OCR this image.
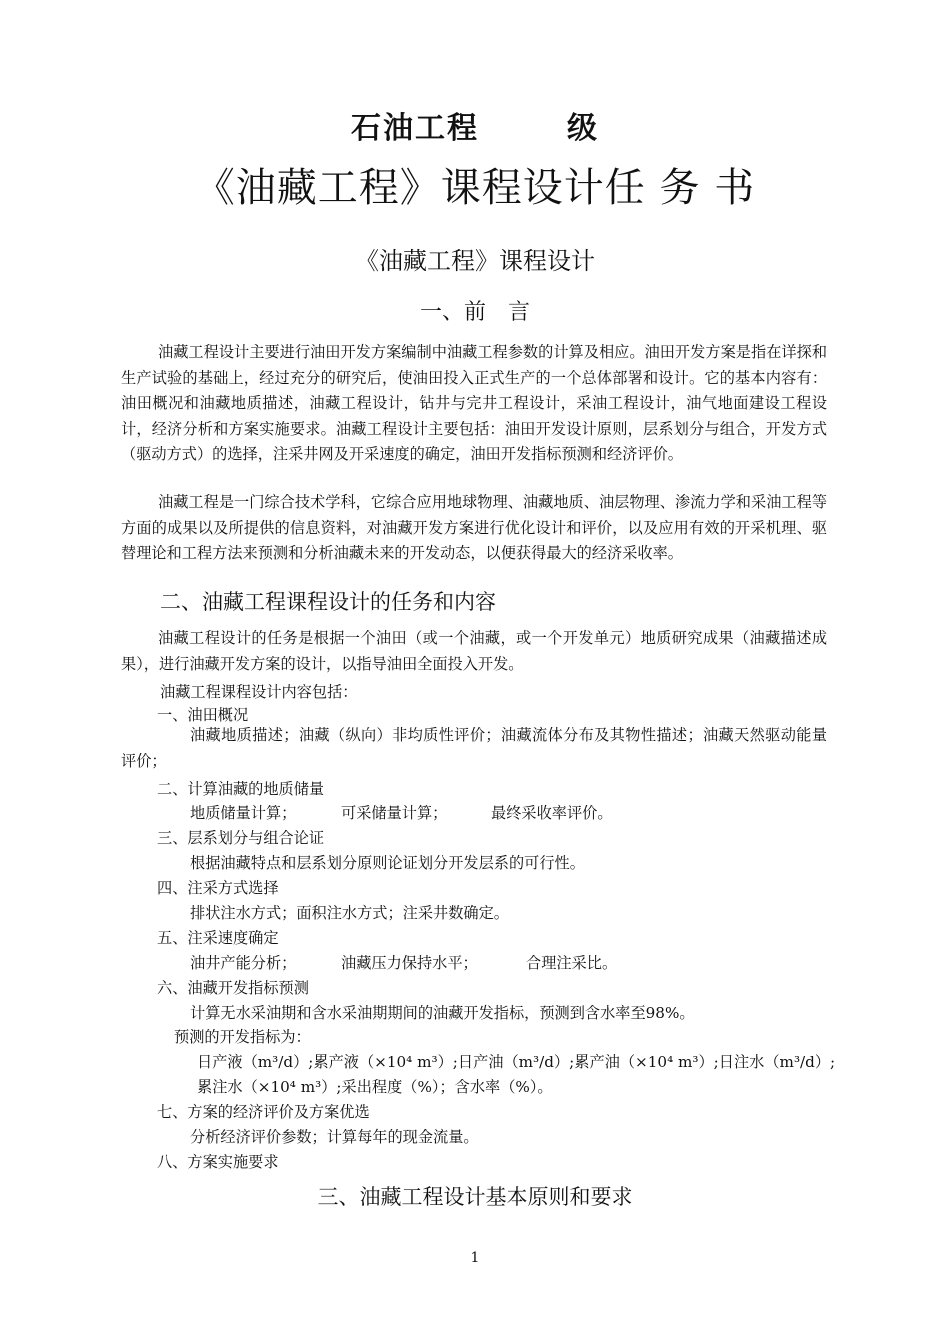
石油工程	级
《油藏工程》课程设计任 务 书
《油藏工程》课程设计
一、前　言
油藏工程设计主要进行油田开发方案编制中油藏工程参数的计算及相应。油田开发方案是指在详探和生产试验的基础上，经过充分的研究后，使油田投入正式生产的一个总体部署和设计。它的基本内容有：油田概况和油藏地质描述，油藏工程设计，钻井与完井工程设计，采油工程设计，油气地面建设工程设计，经济分析和方案实施要求。油藏工程设计主要包括：油田开发设计原则，层系划分与组合，开发方式（驱动方式）的选择，注采井网及开采速度的确定，油田开发指标预测和经济评价。
油藏工程是一门综合技术学科，它综合应用地球物理、油藏地质、油层物理、渗流力学和采油工程等方面的成果以及所提供的信息资料，对油藏开发方案进行优化设计和评价，以及应用有效的开采机理、驱替理论和工程方法来预测和分析油藏未来的开发动态，以便获得最大的经济采收率。
二、油藏工程课程设计的任务和内容
油藏工程设计的任务是根据一个油田（或一个油藏，或一个开发单元）地质研究成果（油藏描述成果），进行油藏开发方案的设计，以指导油田全面投入开发。
油藏工程课程设计内容包括：
一、油田概况
油藏地质描述；油藏（纵向）非均质性评价；油藏流体分布及其物性描述；油藏天然驱动能量评价；
二、计算油藏的地质储量
地质储量计算；	可采储量计算；	最终采收率评价。
三、层系划分与组合论证
根据油藏特点和层系划分原则论证划分开发层系的可行性。
四、注采方式选择
排状注水方式；面积注水方式；注采井数确定。
五、注采速度确定
油井产能分析；	油藏压力保持水平；	合理注采比。
六、油藏开发指标预测
计算无水采油期和含水采油期期间的油藏开发指标，预测到含水率至98%。
预测的开发指标为：
日产液（m³/d）;累产液（×10⁴ m³）;日产油（m³/d）;累产油（×10⁴ m³）;日注水（m³/d）;
累注水（×10⁴ m³）;采出程度（%）；含水率（%）。
七、方案的经济评价及方案优选
分析经济评价参数；计算每年的现金流量。
八、方案实施要求
三、油藏工程设计基本原则和要求
1
